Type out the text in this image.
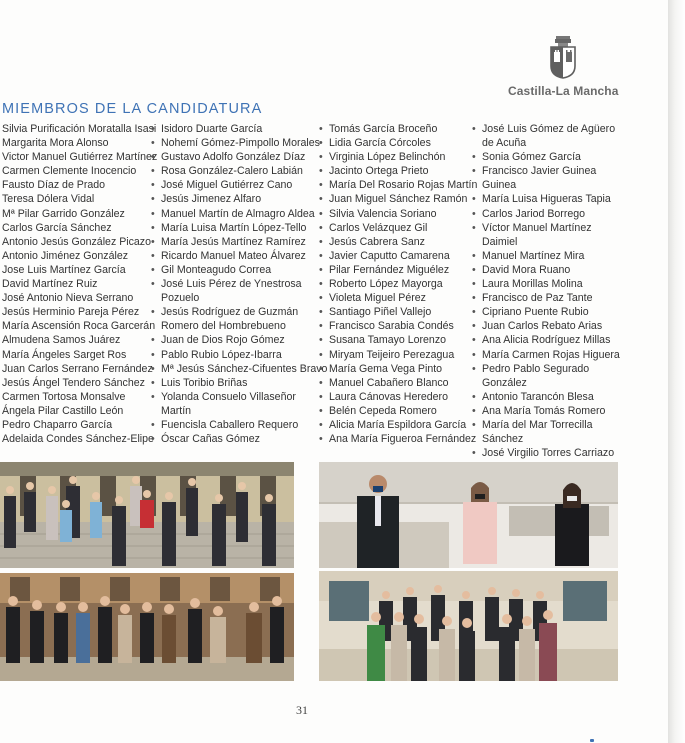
Castilla-La Mancha
MIEMBROS DE LA CANDIDATURA
Silvia Purificación Moratalla Isasi
Margarita Mora Alonso
Victor Manuel Gutiérrez Martínez
Carmen Clemente Inocencio
Fausto Díaz de Prado
Teresa Dólera Vidal
Mª Pilar Garrido González
Carlos García Sánchez
Antonio Jesús González Picazo
Antonio Jiménez González
Jose Luis Martínez García
David Martínez Ruiz
José Antonio Nieva Serrano
Jesús Herminio Pareja Pérez
María Ascensión Roca Garcerán
Almudena Samos Juárez
María Ángeles Sarget Ros
Juan Carlos Serrano Fernández
Jesús Ángel Tendero Sánchez
Carmen Tortosa Monsalve
Ángela Pilar Castillo León
Pedro Chaparro García
Adelaida Condes Sánchez-Elipe
• Isidoro Duarte García
• Nohemí Gómez-Pimpollo Morales
• Gustavo Adolfo González Díaz
• Rosa González-Calero Labián
• José Miguel Gutiérrez Cano
• Jesús Jimenez Alfaro
• Manuel Martín de Almagro Aldea
• María Luisa Martín López-Tello
• María Jesús Martínez Ramírez
• Ricardo Manuel Mateo Álvarez
• Gil Monteagudo Correa
• José Luis Pérez de Ynestrosa
Pozuelo
• Jesús Rodríguez de Guzmán
Romero del Hombrebueno
• Juan de Dios Rojo Gómez
• Pablo Rubio López-Ibarra
• Mª Jesús Sánchez-Cifuentes Bravo
• Luis Toribio Briñas
• Yolanda Consuelo Villaseñor
Martín
• Fuencisla Caballero Requero
• Óscar Cañas Gómez
• Tomás García Broceño
• Lidia García Córcoles
• Virginia López Belinchón
• Jacinto Ortega Prieto
• María Del Rosario Rojas Martín
• Juan Miguel Sánchez Ramón
• Silvia Valencia Soriano
• Carlos Velázquez Gil
• Jesús Cabrera Sanz
• Javier Caputto Camarena
• Pilar Fernández Miguélez
• Roberto López Mayorga
• Violeta Miguel Pérez
• Santiago Piñel Vallejo
• Francisco Sarabia Condés
• Susana Tamayo Lorenzo
• Miryam Teijeiro Perezagua
• María Gema Vega Pinto
• Manuel Cabañero Blanco
• Laura Cánovas Heredero
• Belén Cepeda Romero
• Alicia María Espildora García
• Ana María Figueroa Fernández
• José Luis Gómez de Agüero
de Acuña
• Sonia Gómez García
• Francisco Javier Guinea
Guinea
• María Luisa Higueras Tapia
• Carlos Jariod Borrego
• Víctor Manuel Martínez
Daimiel
• Manuel Martínez Mira
• David Mora Ruano
• Laura Morillas Molina
• Francisco de Paz Tante
• Cipriano Puente Rubio
• Juan Carlos Rebato Arias
• Ana Alicia Rodríguez Millas
• María Carmen Rojas Higuera
• Pedro Pablo Segurado
González
• Antonio Tarancón Blesa
• Ana María Tomás Romero
• María del Mar Torrecilla
Sánchez
• José Virgilio Torres Carriazo
31
